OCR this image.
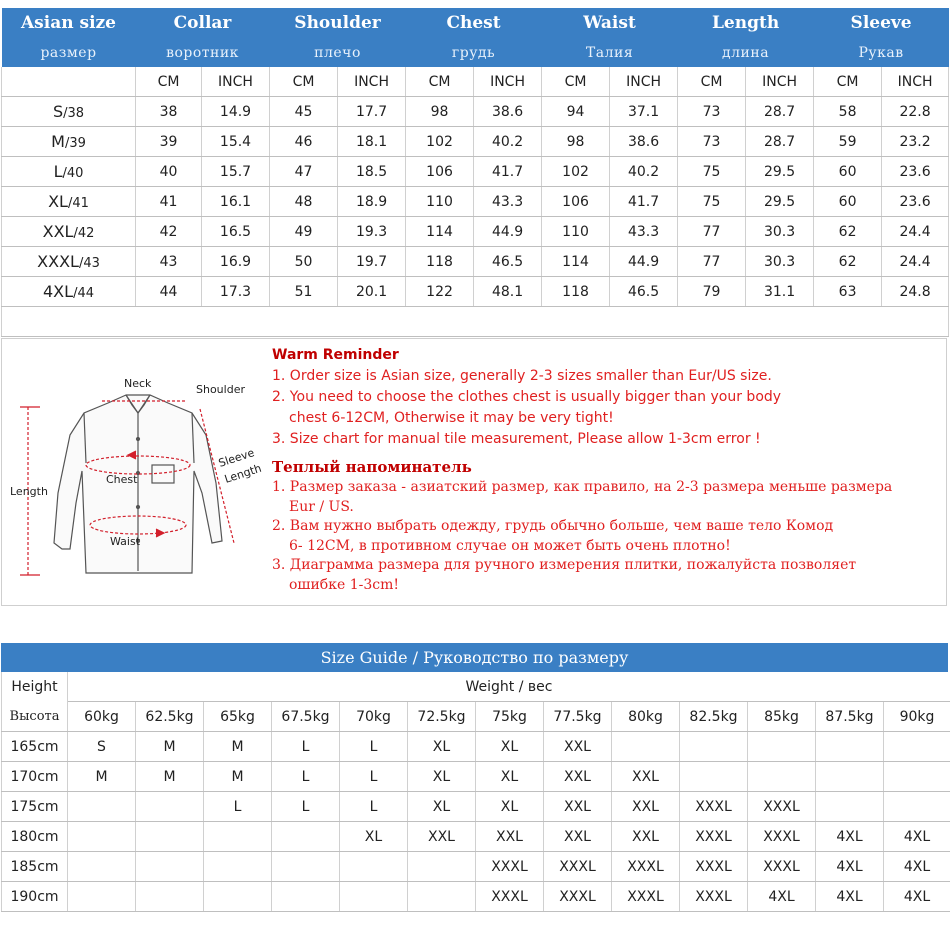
Asian size	Collar		Shoulder		Chest		Waist		Length		Sleeve	
размер	воротник		плечо		грудь		Талия		длина		Рукав	
	CM	INCH	CM	INCH	CM	INCH	CM	INCH	CM	INCH	CM	INCH
S/38	38	14.9	45	17.7	98	38.6	94	37.1	73	28.7	58	22.8
M/39	39	15.4	46	18.1	102	40.2	98	38.6	73	28.7	59	23.2
L/40	40	15.7	47	18.5	106	41.7	102	40.2	75	29.5	60	23.6
XL/41	41	16.1	48	18.9	110	43.3	106	41.7	75	29.5	60	23.6
XXL/42	42	16.5	49	19.3	114	44.9	110	43.3	77	30.3	62	24.4
XXXL/43	43	16.9	50	19.7	118	46.5	114	44.9	77	30.3	62	24.4
4XL/44	44	17.3	51	20.1	122	48.1	118	46.5	79	31.1	63	24.8

Neck	Shoulder
Sleeve
Length
Length
Chest
Waist

Warm Reminder

1. Order size is Asian size, generally 2-3 sizes smaller than Eur/US size.

2. You need to choose the clothes chest is usually bigger than your body

chest 6-12CM, Otherwise it may be very tight!

3. Size chart for manual tile measurement, Please allow 1-3cm error !

Теплый напоминатель

1. Размер заказа - азиатский размер, как правило, на 2-3 размера меньше размера

Eur / US.

2. Вам нужно выбрать одежду, грудь обычно больше, чем ваше тело Комод

6- 12CM, в противном случае он может быть очень плотно!

3. Диаграмма размера для ручного измерения плитки, пожалуйста позволяет

ошибке 1-3cm!

Size Guide / Руководство по размеру
Height	Weight / вес												
Высота	60kg	62.5kg	65kg	67.5kg	70kg	72.5kg	75kg	77.5kg	80kg	82.5kg	85kg	87.5kg	90kg
165cm	S	M	M	L	L	XL	XL	XXL					
170cm	M	M	M	L	L	XL	XL	XXL	XXL				
175cm			L	L	L	XL	XL	XXL	XXL	XXXL	XXXL		
180cm					XL	XXL	XXL	XXL	XXL	XXXL	XXXL	4XL	4XL
185cm							XXXL	XXXL	XXXL	XXXL	XXXL	4XL	4XL
190cm							XXXL	XXXL	XXXL	XXXL	4XL	4XL	4XL
